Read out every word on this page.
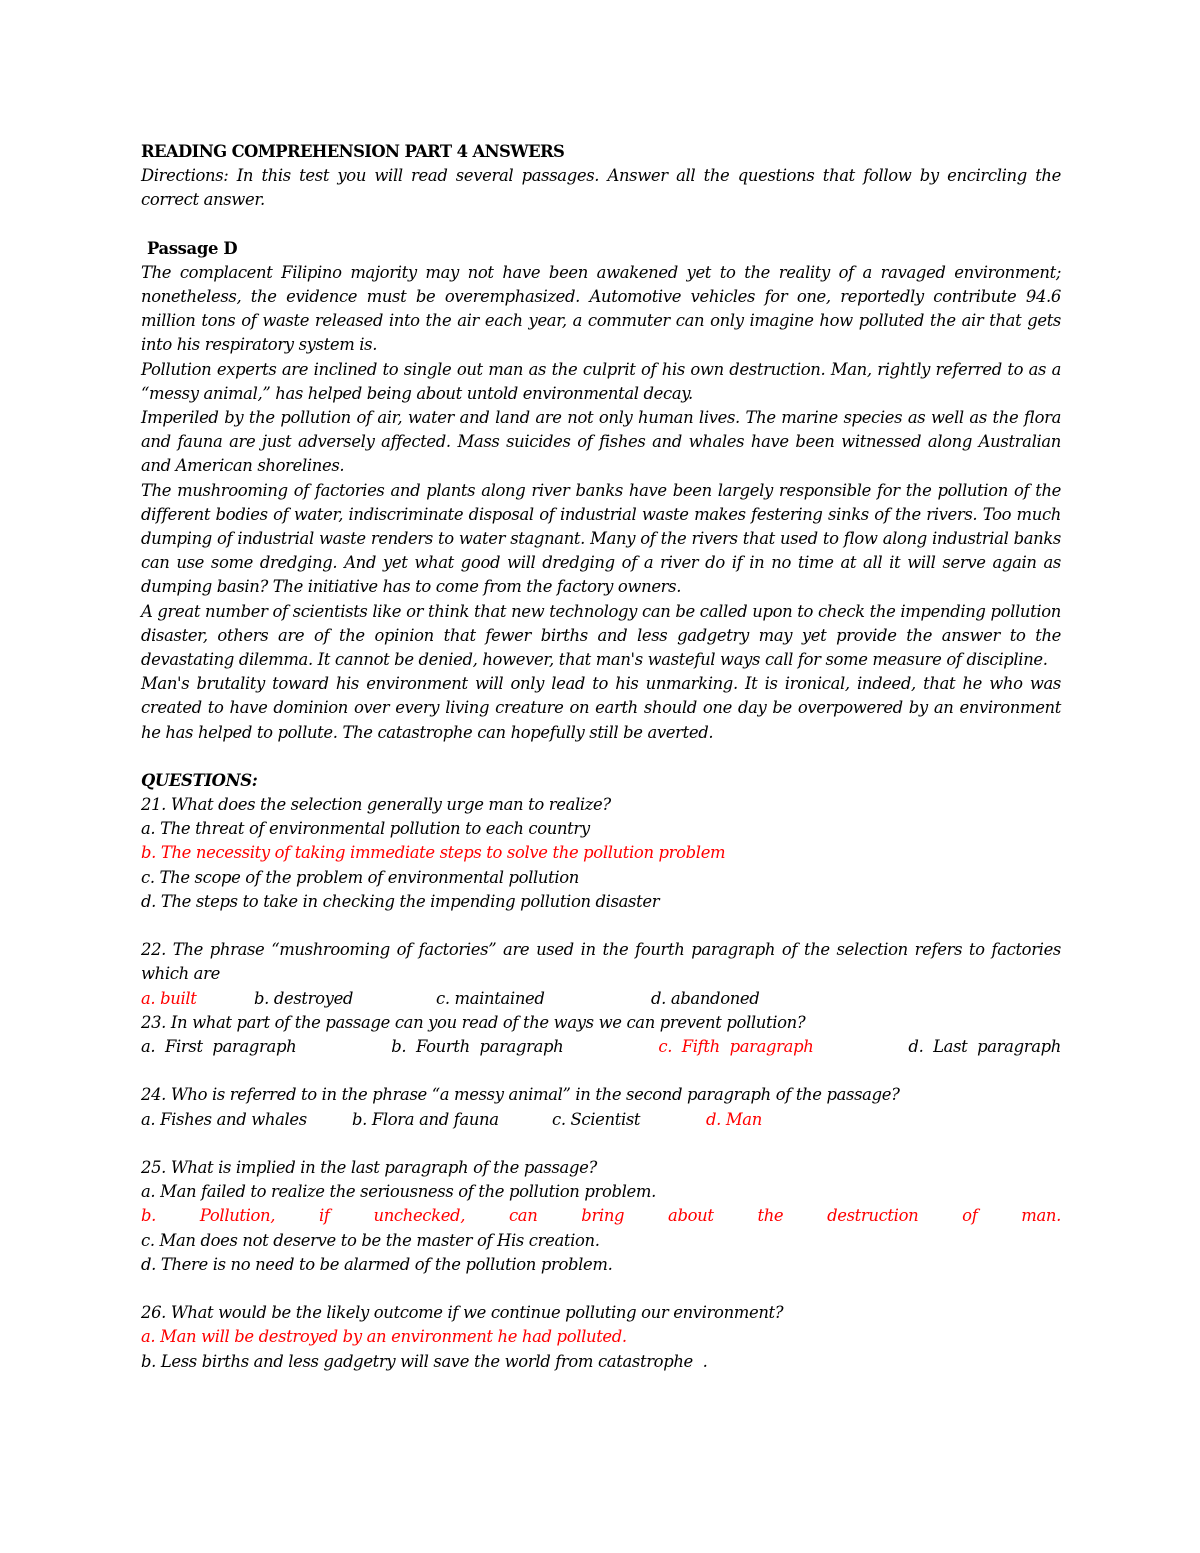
READING COMPREHENSION PART 4 ANSWERS
Directions: In this test you will read several passages. Answer all the questions that follow by encircling the correct answer.
Passage D

The complacent Filipino majority may not have been awakened yet to the reality of a ravaged environment; nonetheless, the evidence must be overemphasized. Automotive vehicles for one, reportedly contribute 94.6 million tons of waste released into the air each year, a commuter can only imagine how polluted the air that gets into his respiratory system is.

Pollution experts are inclined to single out man as the culprit of his own destruction. Man, rightly referred to as a “messy animal,” has helped being about untold environmental decay.

Imperiled by the pollution of air, water and land are not only human lives. The marine species as well as the flora and fauna are just adversely affected. Mass suicides of fishes and whales have been witnessed along Australian and American shorelines.

The mushrooming of factories and plants along river banks have been largely responsible for the pollution of the different bodies of water, indiscriminate disposal of industrial waste makes festering sinks of the rivers. Too much dumping of industrial waste renders to water stagnant. Many of the rivers that used to flow along industrial banks can use some dredging. And yet what good will dredging of a river do if in no time at all it will serve again as dumping basin? The initiative has to come from the factory owners.

A great number of scientists like or think that new technology can be called upon to check the impending pollution disaster, others are of the opinion that fewer births and less gadgetry may yet provide the answer to the devastating dilemma. It cannot be denied, however, that man's wasteful ways call for some measure of discipline.

Man's brutality toward his environment will only lead to his unmarking. It is ironical, indeed, that he who was created to have dominion over every living creature on earth should one day be overpowered by an environment he has helped to pollute. The catastrophe can hopefully still be averted.

QUESTIONS:
21. What does the selection generally urge man to realize?
a. The threat of environmental pollution to each country
b. The necessity of taking immediate steps to solve the pollution problem
c. The scope of the problem of environmental pollution
d. The steps to take in checking the impending pollution disaster
22. The phrase “mushrooming of factories” are used in the fourth paragraph of the selection refers to factories which are
a. built	b. destroyed	c. maintained	d. abandoned
23. In what part of the passage can you read of the ways we can prevent pollution?
a.  First  paragraph	b.  Fourth  paragraph	c.  Fifth  paragraph	d.  Last  paragraph
24. Who is referred to in the phrase “a messy animal” in the second paragraph of the passage?
a. Fishes and whales	b. Flora and fauna	c. Scientist	d. Man
25. What is implied in the last paragraph of the passage?
a. Man failed to realize the seriousness of the pollution problem.
b.	Pollution,	if	unchecked,	can	bring	about	the	destruction	of	man.
c. Man does not deserve to be the master of His creation.
d. There is no need to be alarmed of the pollution problem.
26. What would be the likely outcome if we continue polluting our environment?
a. Man will be destroyed by an environment he had polluted.
b. Less births and less gadgetry will save the world from catastrophe  .
